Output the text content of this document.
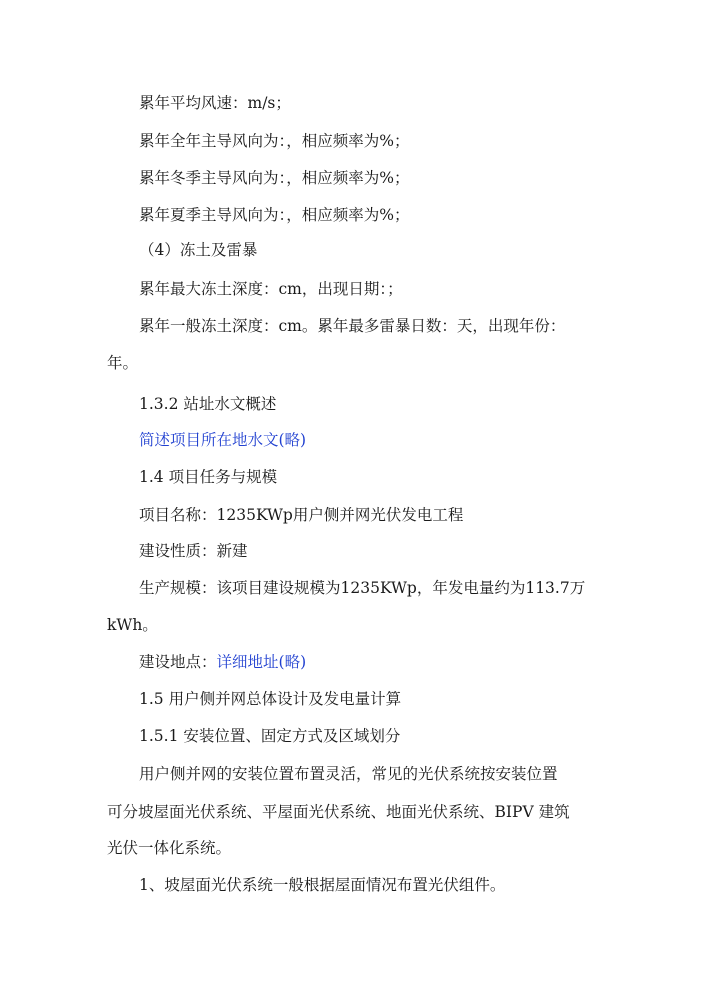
累年平均风速：m/s；
累年全年主导风向为：，相应频率为%；
累年冬季主导风向为：，相应频率为%；
累年夏季主导风向为：，相应频率为%；
（4）冻土及雷暴
累年最大冻土深度：cm，出现日期：；
累年一般冻土深度：cm。累年最多雷暴日数：天，出现年份：
年。
1.3.2 站址水文概述
简述项目所在地水文(略)
1.4 项目任务与规模
项目名称：1235KWp用户侧并网光伏发电工程
建设性质：新建
生产规模：该项目建设规模为1235KWp，年发电量约为113.7万
kWh。
建设地点：详细地址(略)
1.5 用户侧并网总体设计及发电量计算
1.5.1 安装位置、固定方式及区域划分
用户侧并网的安装位置布置灵活，常见的光伏系统按安装位置
可分坡屋面光伏系统、平屋面光伏系统、地面光伏系统、BIPV 建筑
光伏一体化系统。
1、坡屋面光伏系统一般根据屋面情况布置光伏组件。
